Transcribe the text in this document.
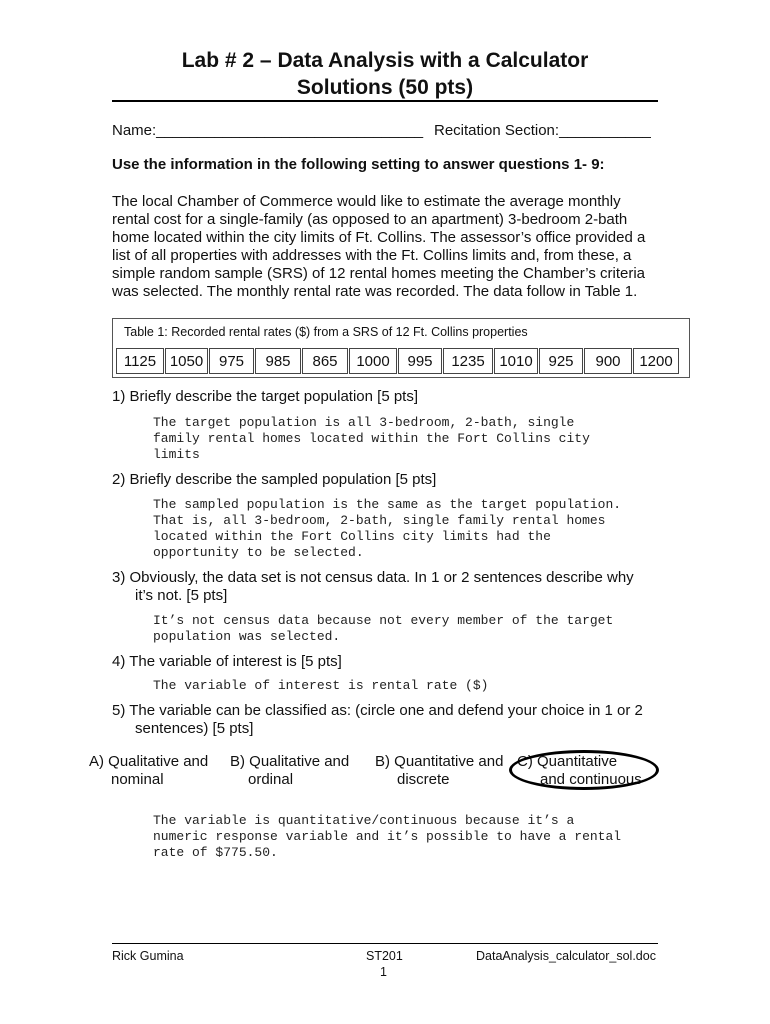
Lab # 2 – Data Analysis with a Calculator
Solutions (50 pts)
Name:________________________________ Recitation Section:___________
Use the information in the following setting to answer questions 1- 9:
The local Chamber of Commerce would like to estimate the average monthly
rental cost for a single-family (as opposed to an apartment) 3-bedroom 2-bath
home located within the city limits of Ft. Collins. The assessor’s office provided a
list of all properties with addresses with the Ft. Collins limits and, from these, a
simple random sample (SRS) of 12 rental homes meeting the Chamber’s criteria
was selected. The monthly rental rate was recorded. The data follow in Table 1.
Table 1: Recorded rental rates ($) from a SRS of 12 Ft. Collins properties
1125 1050	975	985	865	1000	995	1235 1010	925	900	1200
1) Briefly describe the target population [5 pts]
The target population is all 3-bedroom, 2-bath, single
family rental homes located within the Fort Collins city
limits
2) Briefly describe the sampled population [5 pts]
The sampled population is the same as the target population.
That is, all 3-bedroom, 2-bath, single family rental homes
located within the Fort Collins city limits had the
opportunity to be selected.
3) Obviously, the data set is not census data. In 1 or 2 sentences describe why
it’s not. [5 pts]
It’s not census data because not every member of the target
population was selected.
4) The variable of interest is [5 pts]
The variable of interest is rental rate ($)
5) The variable can be classified as: (circle one and defend your choice in 1 or 2
sentences) [5 pts]
A) Qualitative and
nominal
B) Qualitative and
ordinal
B) Quantitative and
discrete
C) Quantitative
and continuous
The variable is quantitative/continuous because it’s a
numeric response variable and it’s possible to have a rental
rate of $775.50.
Rick Gumina	ST201
1
DataAnalysis_calculator_sol.doc
